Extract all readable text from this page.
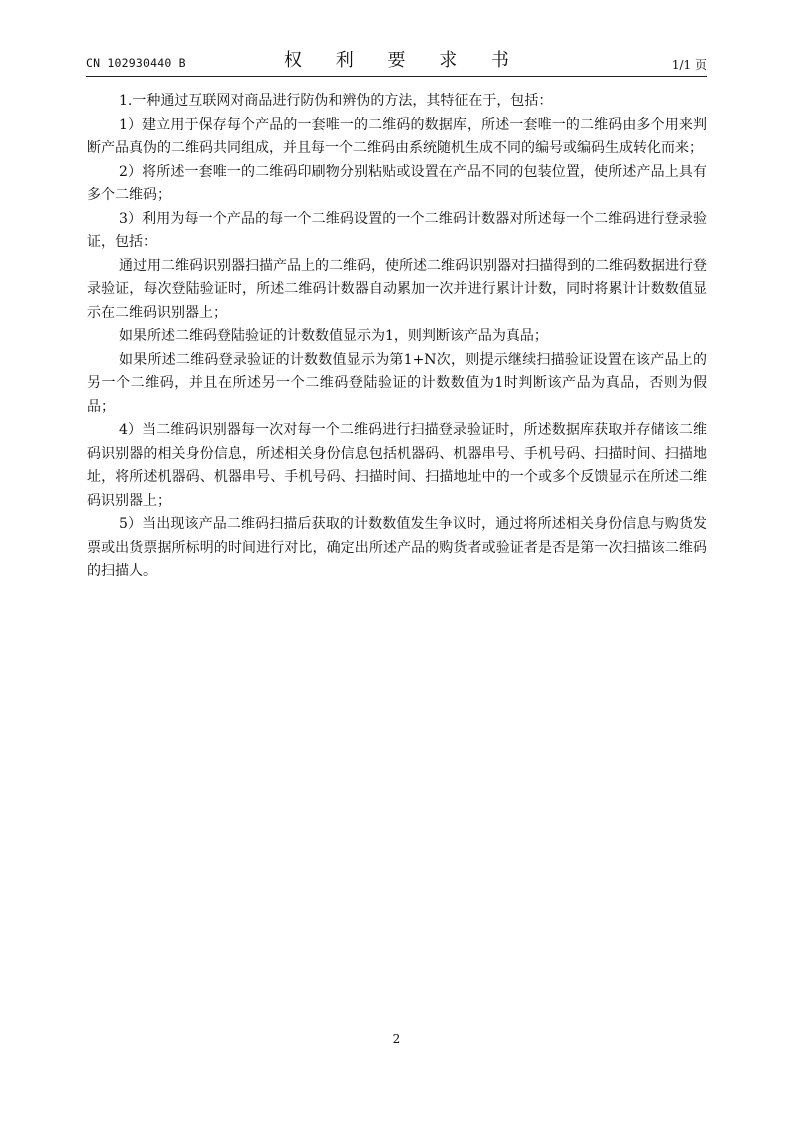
CN 102930440 B	权 利 要 求 书	1/1 页

1.一种通过互联网对商品进行防伪和辨伪的方法，其特征在于，包括：

1）建立用于保存每个产品的一套唯一的二维码的数据库，所述一套唯一的二维码由多个用来判断产品真伪的二维码共同组成，并且每一个二维码由系统随机生成不同的编号或编码生成转化而来；

2）将所述一套唯一的二维码印刷物分别粘贴或设置在产品不同的包装位置，使所述产品上具有多个二维码；

3）利用为每一个产品的每一个二维码设置的一个二维码计数器对所述每一个二维码进行登录验证，包括：

通过用二维码识别器扫描产品上的二维码，使所述二维码识别器对扫描得到的二维码数据进行登录验证，每次登陆验证时，所述二维码计数器自动累加一次并进行累计计数，同时将累计计数数值显示在二维码识别器上；

如果所述二维码登陆验证的计数数值显示为1，则判断该产品为真品；

如果所述二维码登录验证的计数数值显示为第1+N次，则提示继续扫描验证设置在该产品上的另一个二维码，并且在所述另一个二维码登陆验证的计数数值为1时判断该产品为真品，否则为假品；

4）当二维码识别器每一次对每一个二维码进行扫描登录验证时，所述数据库获取并存储该二维码识别器的相关身份信息，所述相关身份信息包括机器码、机器串号、手机号码、扫描时间、扫描地址，将所述机器码、机器串号、手机号码、扫描时间、扫描地址中的一个或多个反馈显示在所述二维码识别器上；

5）当出现该产品二维码扫描后获取的计数数值发生争议时，通过将所述相关身份信息与购货发票或出货票据所标明的时间进行对比，确定出所述产品的购货者或验证者是否是第一次扫描该二维码的扫描人。

2
